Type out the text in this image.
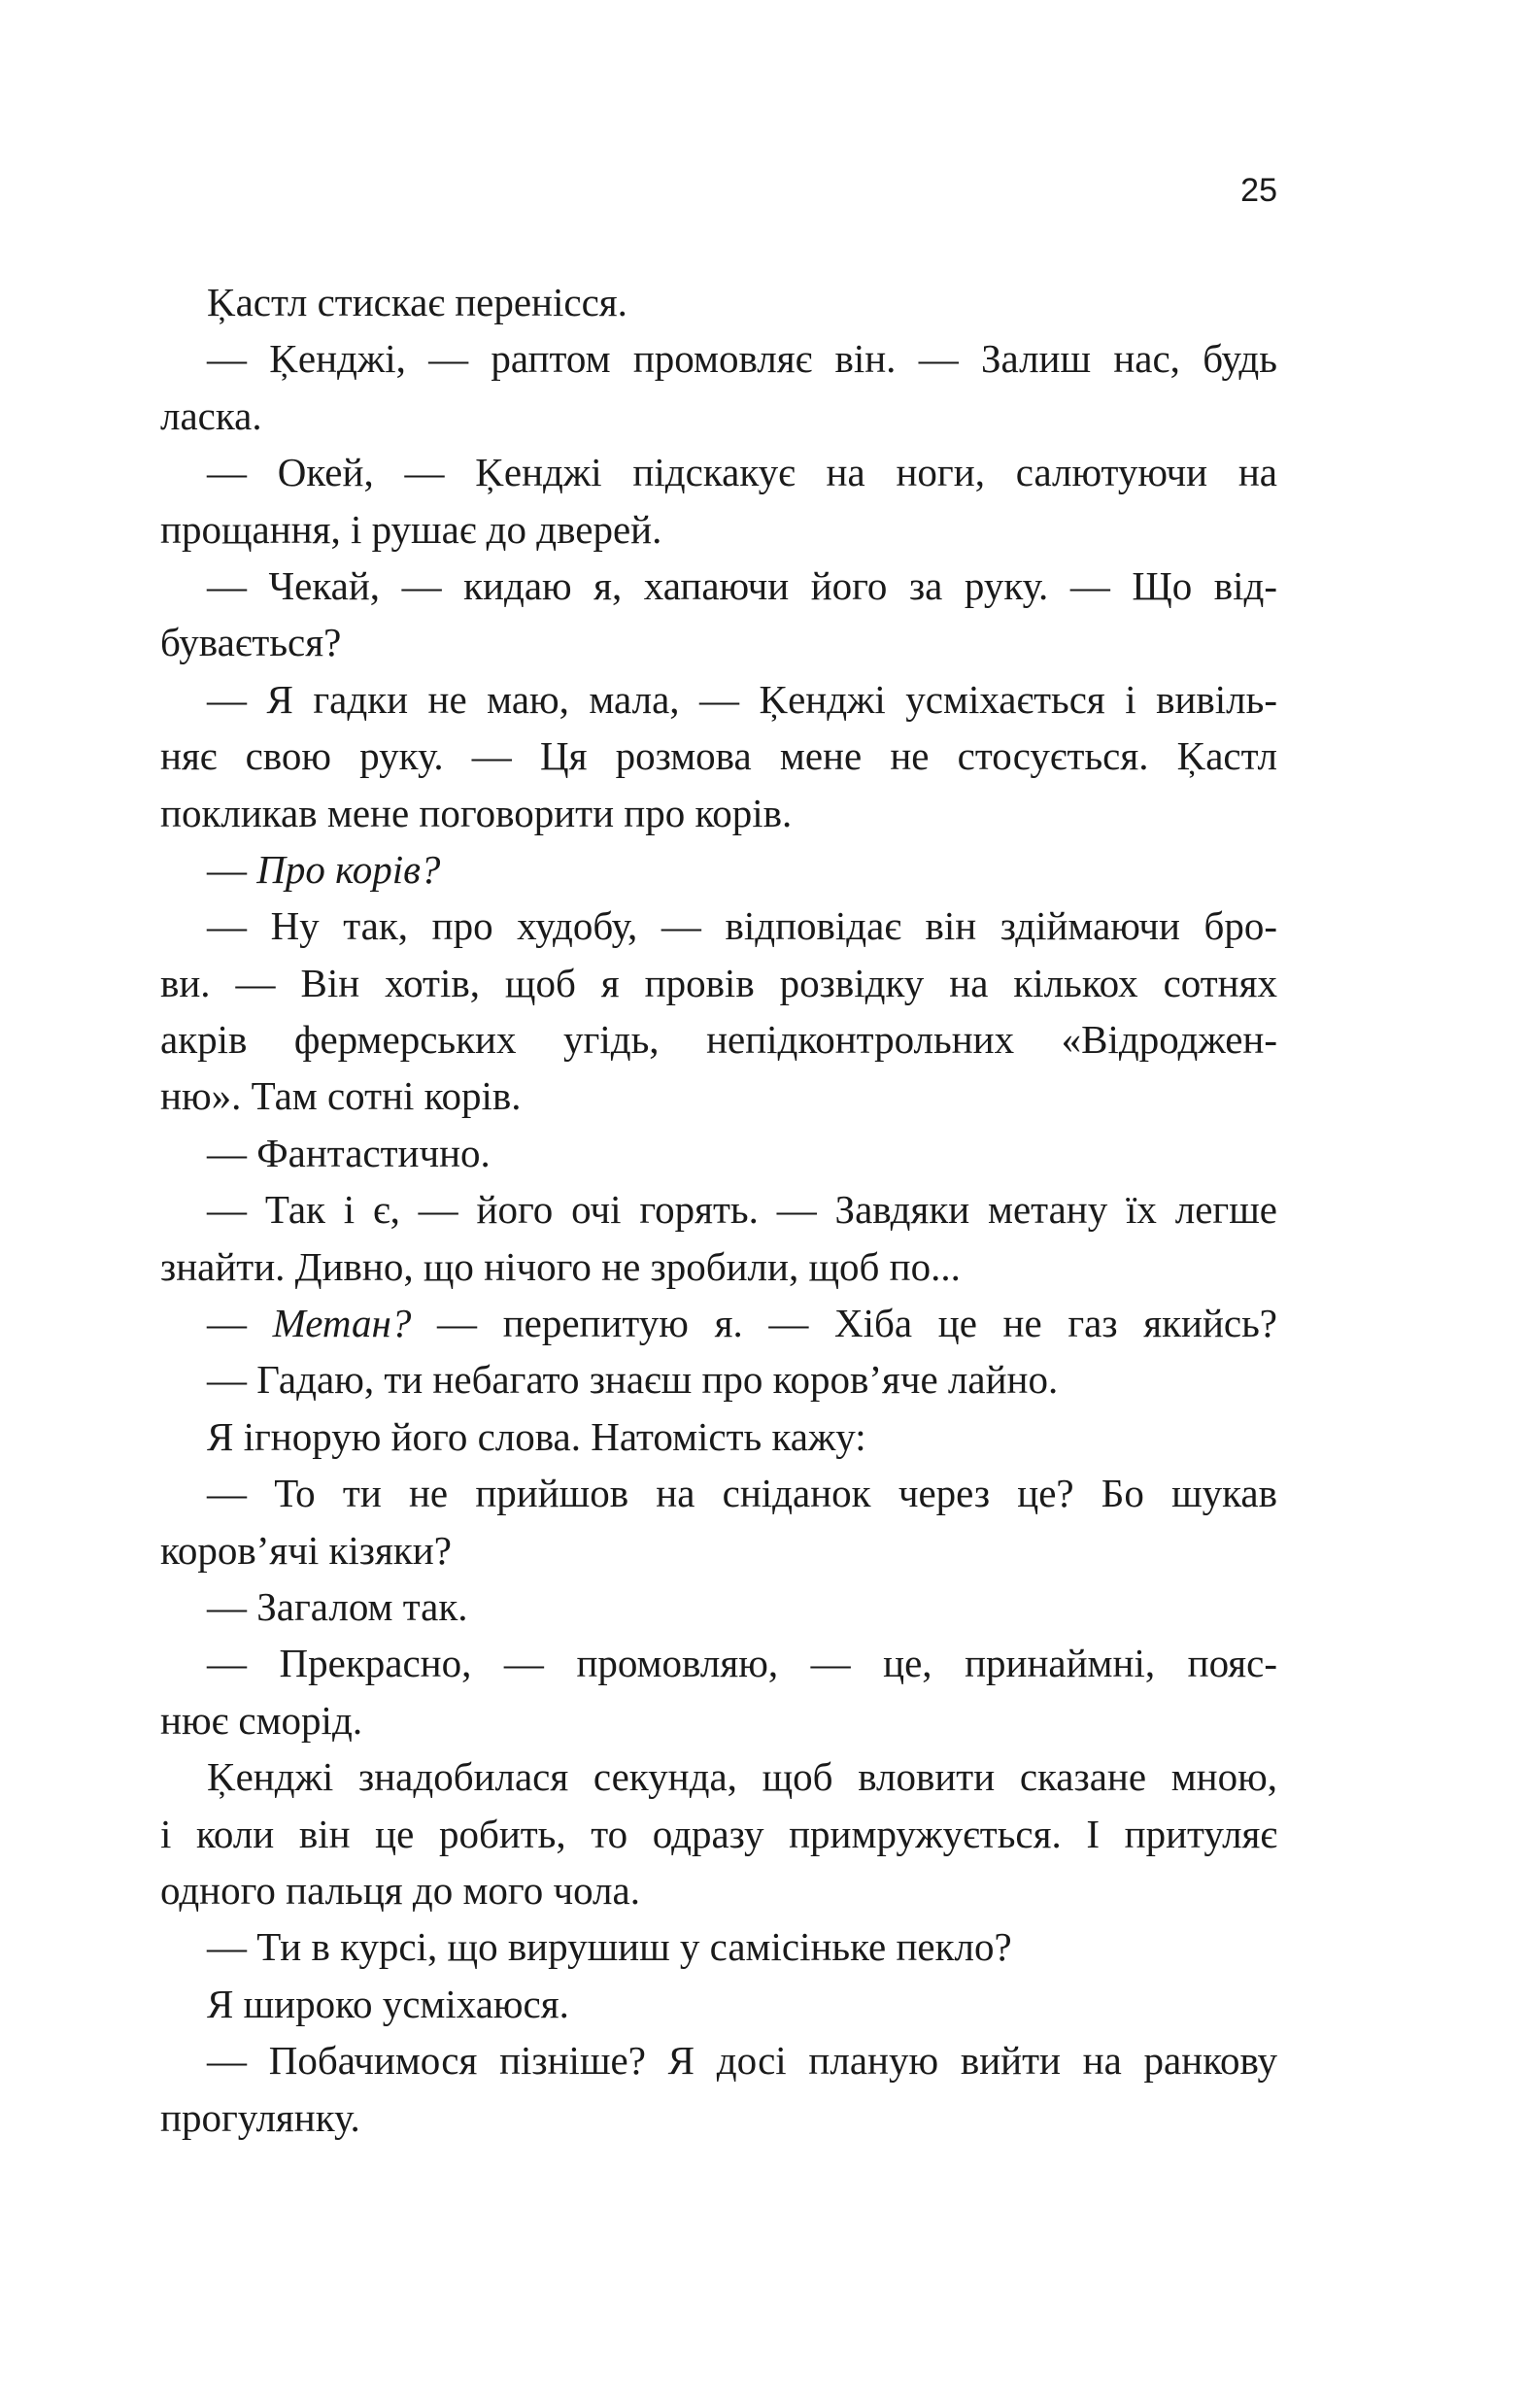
25
Ķастл стискає перенісся.
— Ķенджі, — раптом промовляє він. — Залиш нас, будь
ласка.
— Окей, — Ķенджі підскакує на ноги, салютуючи на
прощання, і рушає до дверей.
— Чекай, — кидаю я, хапаючи його за руку. — Що від-
бувається?
— Я гадки не маю, мала, — Ķенджі усміхається і вивіль-
няє свою руку. — Ця розмова мене не стосується. Ķастл
покликав мене поговорити про корів.
— Про корів?
— Ну так, про худобу, — відповідає він здіймаючи бро-
ви. — Він хотів, щоб я провів розвідку на кількох сотнях
акрів фермерських угідь, непідконтрольних «Відроджен-
ню». Там сотні корів.
— Фантастично.
— Так і є, — його очі горять. — Завдяки метану їх легше
знайти. Дивно, що нічого не зробили, щоб по...
— Метан? — перепитую я. — Хіба це не газ якийсь?
— Гадаю, ти небагато знаєш про коров’яче лайно.
Я ігнорую його слова. Натомість кажу:
— То ти не прийшов на сніданок через це? Бо шукав
коров’ячі кізяки?
— Загалом так.
— Прекрасно, — промовляю, — це, принаймні, пояс-
нює сморід.
Ķенджі знадобилася секунда, щоб вловити сказане мною,
і коли він це робить, то одразу примружується. І притуляє
одного пальця до мого чола.
— Ти в курсі, що вирушиш у самісіньке пекло?
Я широко усміхаюся.
— Побачимося пізніше? Я досі планую вийти на ранкову
прогулянку.
